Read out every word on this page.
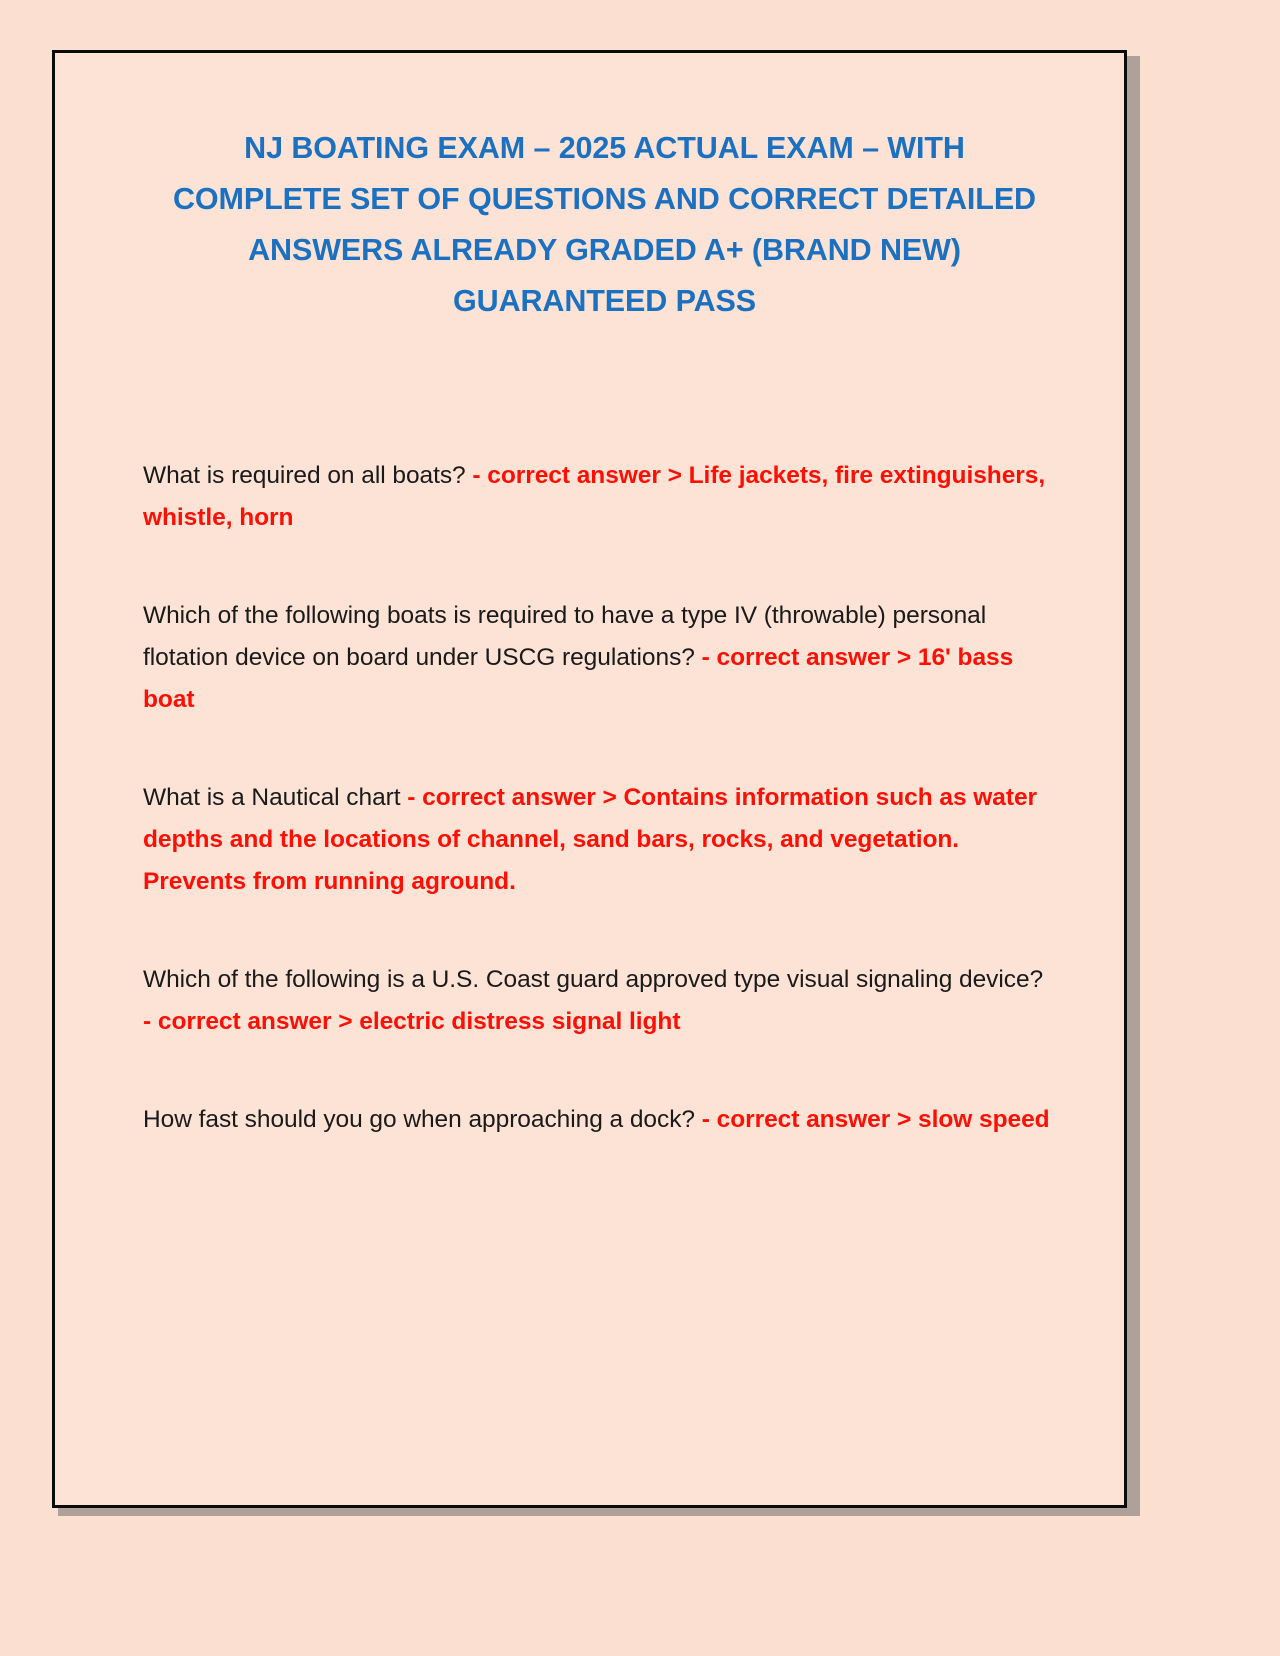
NJ BOATING EXAM – 2025 ACTUAL EXAM – WITH COMPLETE SET OF QUESTIONS AND CORRECT DETAILED ANSWERS ALREADY GRADED A+ (BRAND NEW) GUARANTEED PASS

What is required on all boats? - correct answer > Life jackets, fire extinguishers, whistle, horn

Which of the following boats is required to have a type IV (throwable) personal flotation device on board under USCG regulations? - correct answer > 16' bass boat

What is a Nautical chart - correct answer > Contains information such as water depths and the locations of channel, sand bars, rocks, and vegetation. Prevents from running aground.

Which of the following is a U.S. Coast guard approved type visual signaling device? - correct answer > electric distress signal light

How fast should you go when approaching a dock? - correct answer > slow speed
